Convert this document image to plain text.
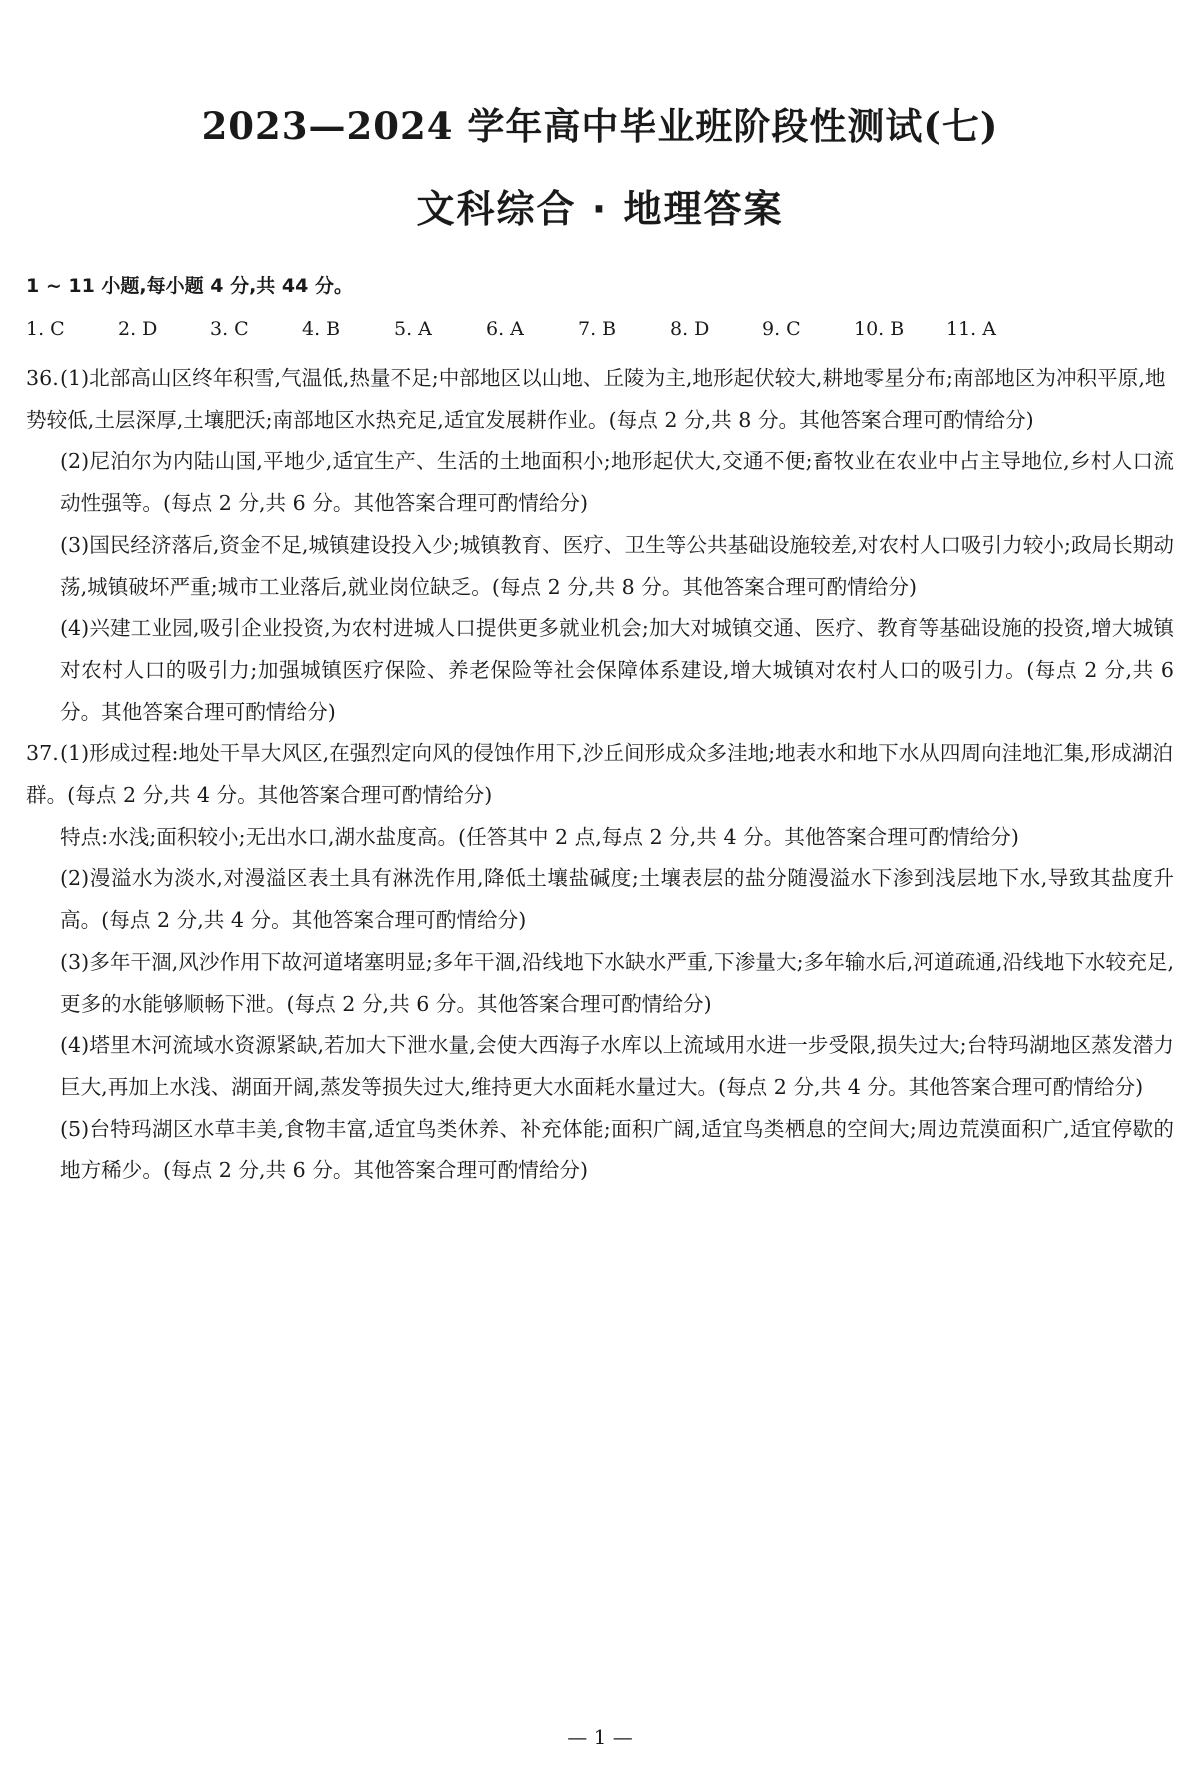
2023—2024 学年高中毕业班阶段性测试(七)
文科综合 · 地理答案
1 ~ 11 小题,每小题 4 分,共 44 分。
1. C	2. D	3. C	4. B	5. A	6. A	7. B	8. D	9. C	10. B	11. A

36.(1)北部高山区终年积雪,气温低,热量不足;中部地区以山地、丘陵为主,地形起伏较大,耕地零星分布;南部地区为冲积平原,地势较低,土层深厚,土壤肥沃;南部地区水热充足,适宜发展耕作业。(每点 2 分,共 8 分。其他答案合理可酌情给分)

(2)尼泊尔为内陆山国,平地少,适宜生产、生活的土地面积小;地形起伏大,交通不便;畜牧业在农业中占主导地位,乡村人口流动性强等。(每点 2 分,共 6 分。其他答案合理可酌情给分)

(3)国民经济落后,资金不足,城镇建设投入少;城镇教育、医疗、卫生等公共基础设施较差,对农村人口吸引力较小;政局长期动荡,城镇破坏严重;城市工业落后,就业岗位缺乏。(每点 2 分,共 8 分。其他答案合理可酌情给分)

(4)兴建工业园,吸引企业投资,为农村进城人口提供更多就业机会;加大对城镇交通、医疗、教育等基础设施的投资,增大城镇对农村人口的吸引力;加强城镇医疗保险、养老保险等社会保障体系建设,增大城镇对农村人口的吸引力。(每点 2 分,共 6 分。其他答案合理可酌情给分)

37.(1)形成过程:地处干旱大风区,在强烈定向风的侵蚀作用下,沙丘间形成众多洼地;地表水和地下水从四周向洼地汇集,形成湖泊群。(每点 2 分,共 4 分。其他答案合理可酌情给分)

特点:水浅;面积较小;无出水口,湖水盐度高。(任答其中 2 点,每点 2 分,共 4 分。其他答案合理可酌情给分)

(2)漫溢水为淡水,对漫溢区表土具有淋洗作用,降低土壤盐碱度;土壤表层的盐分随漫溢水下渗到浅层地下水,导致其盐度升高。(每点 2 分,共 4 分。其他答案合理可酌情给分)

(3)多年干涸,风沙作用下故河道堵塞明显;多年干涸,沿线地下水缺水严重,下渗量大;多年输水后,河道疏通,沿线地下水较充足,更多的水能够顺畅下泄。(每点 2 分,共 6 分。其他答案合理可酌情给分)

(4)塔里木河流域水资源紧缺,若加大下泄水量,会使大西海子水库以上流域用水进一步受限,损失过大;台特玛湖地区蒸发潜力巨大,再加上水浅、湖面开阔,蒸发等损失过大,维持更大水面耗水量过大。(每点 2 分,共 4 分。其他答案合理可酌情给分)

(5)台特玛湖区水草丰美,食物丰富,适宜鸟类休养、补充体能;面积广阔,适宜鸟类栖息的空间大;周边荒漠面积广,适宜停歇的地方稀少。(每点 2 分,共 6 分。其他答案合理可酌情给分)

— 1 —
